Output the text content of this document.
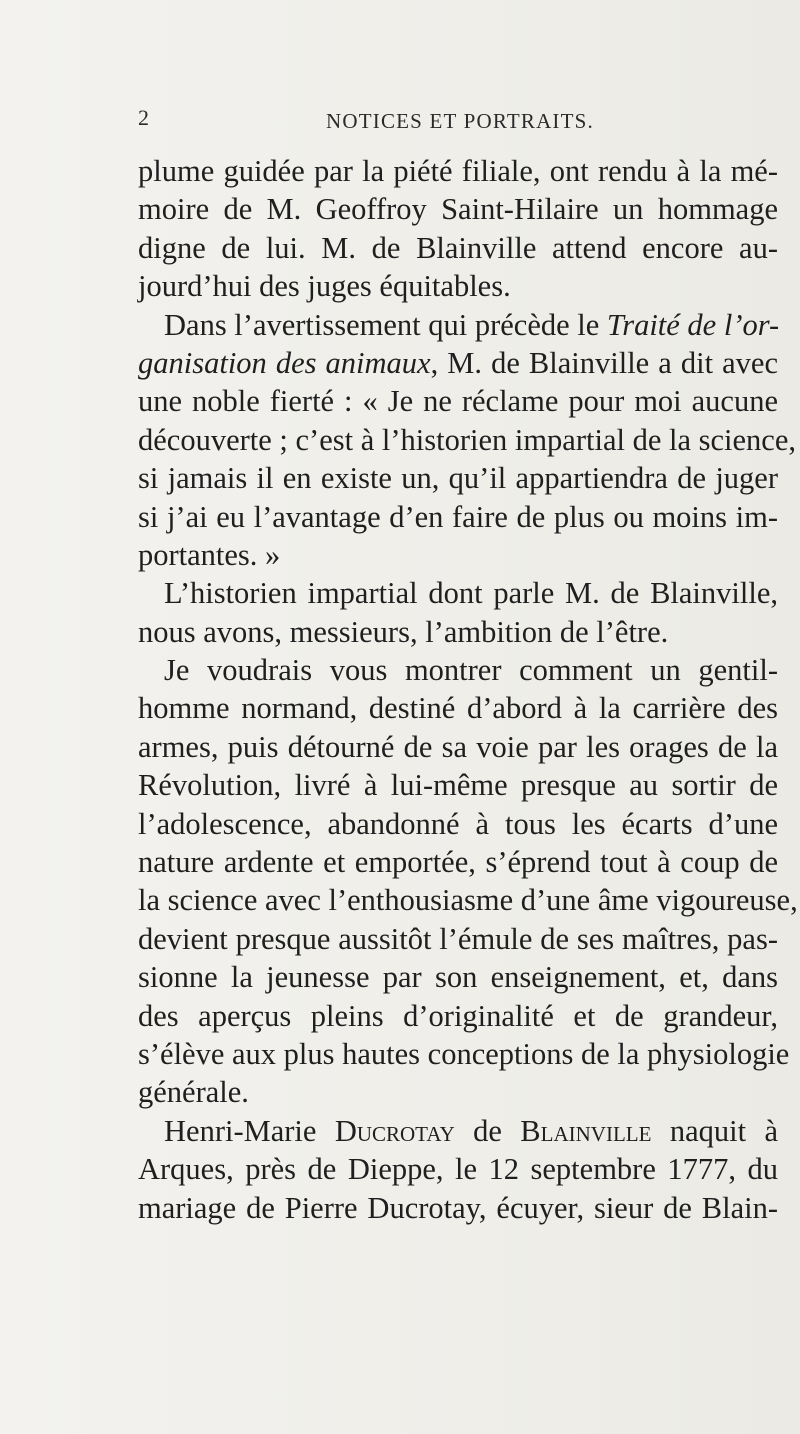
2	NOTICES ET PORTRAITS.
plume guidée par la piété filiale, ont rendu à la mé-
moire de M. Geoffroy Saint-Hilaire un hommage
digne de lui. M. de Blainville attend encore au-
jourd’hui des juges équitables.
Dans l’avertissement qui précède le Traité de l’or-
ganisation des animaux, M. de Blainville a dit avec
une noble fierté : « Je ne réclame pour moi aucune
découverte ; c’est à l’historien impartial de la science,
si jamais il en existe un, qu’il appartiendra de juger
si j’ai eu l’avantage d’en faire de plus ou moins im-
portantes. »
L’historien impartial dont parle M. de Blainville,
nous avons, messieurs, l’ambition de l’être.
Je voudrais vous montrer comment un gentil-
homme normand, destiné d’abord à la carrière des
armes, puis détourné de sa voie par les orages de la
Révolution, livré à lui-même presque au sortir de
l’adolescence, abandonné à tous les écarts d’une
nature ardente et emportée, s’éprend tout à coup de
la science avec l’enthousiasme d’une âme vigoureuse,
devient presque aussitôt l’émule de ses maîtres, pas-
sionne la jeunesse par son enseignement, et, dans
des aperçus pleins d’originalité et de grandeur,
s’élève aux plus hautes conceptions de la physiologie
générale.
Henri-Marie Ducrotay de Blainville naquit à
Arques, près de Dieppe, le 12 septembre 1777, du
mariage de Pierre Ducrotay, écuyer, sieur de Blain-
